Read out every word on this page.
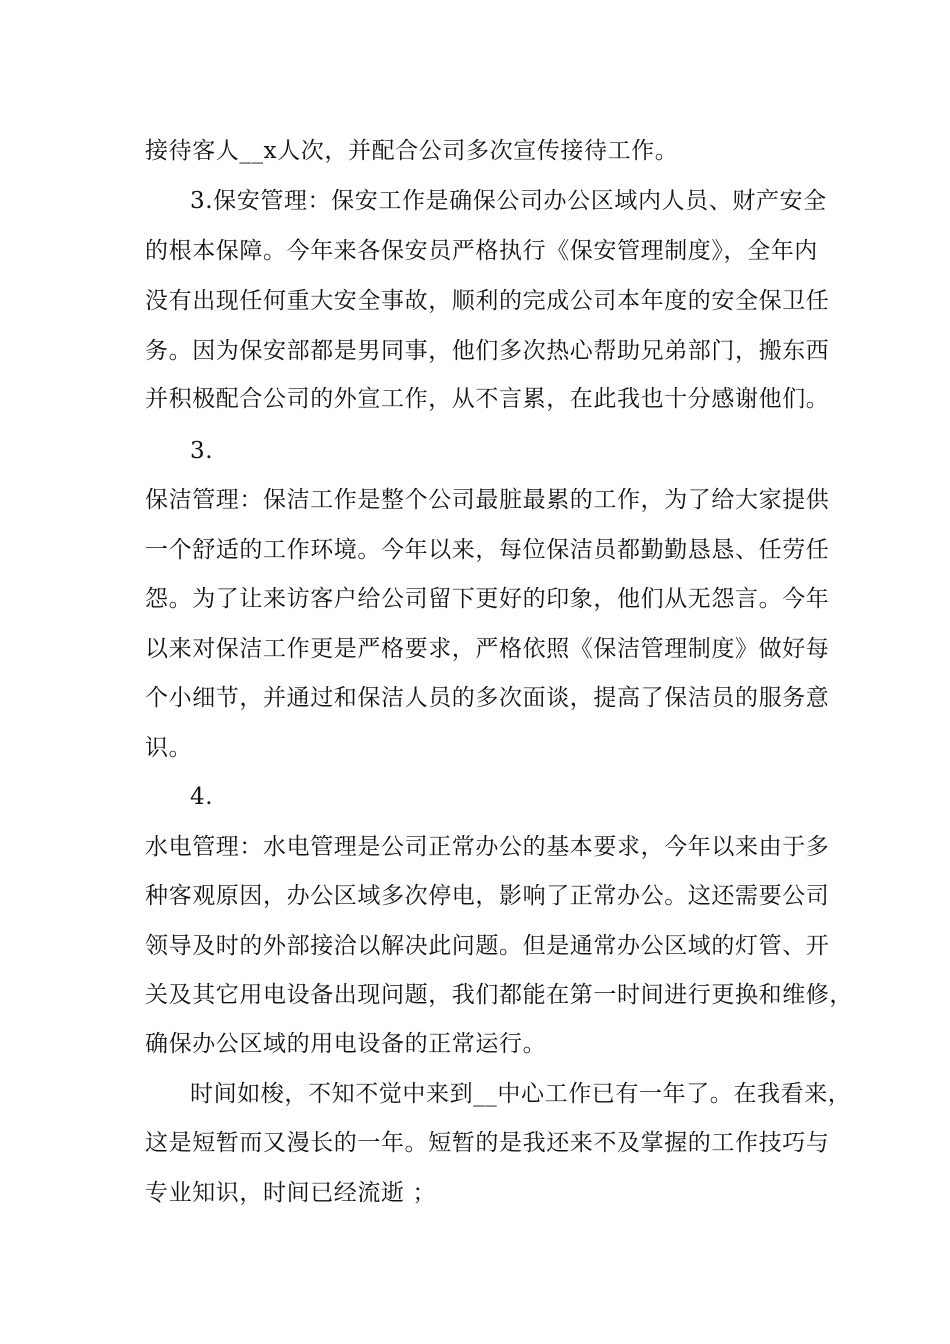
接待客人__x人次，并配合公司多次宣传接待工作。
3.保安管理：保安工作是确保公司办公区域内人员、财产安全
的根本保障。今年来各保安员严格执行《保安管理制度》，全年内
没有出现任何重大安全事故，顺利的完成公司本年度的安全保卫任
务。因为保安部都是男同事，他们多次热心帮助兄弟部门，搬东西
并积极配合公司的外宣工作，从不言累，在此我也十分感谢他们。
3.
保洁管理：保洁工作是整个公司最脏最累的工作，为了给大家提供
一个舒适的工作环境。今年以来，每位保洁员都勤勤恳恳、任劳任
怨。为了让来访客户给公司留下更好的印象，他们从无怨言。今年
以来对保洁工作更是严格要求，严格依照《保洁管理制度》做好每
个小细节，并通过和保洁人员的多次面谈，提高了保洁员的服务意
识。
4.
水电管理：水电管理是公司正常办公的基本要求，今年以来由于多
种客观原因，办公区域多次停电，影响了正常办公。这还需要公司
领导及时的外部接洽以解决此问题。但是通常办公区域的灯管、开
关及其它用电设备出现问题，我们都能在第一时间进行更换和维修，
确保办公区域的用电设备的正常运行。
时间如梭，不知不觉中来到__中心工作已有一年了。在我看来，
这是短暂而又漫长的一年。短暂的是我还来不及掌握的工作技巧与
专业知识，时间已经流逝 ；
